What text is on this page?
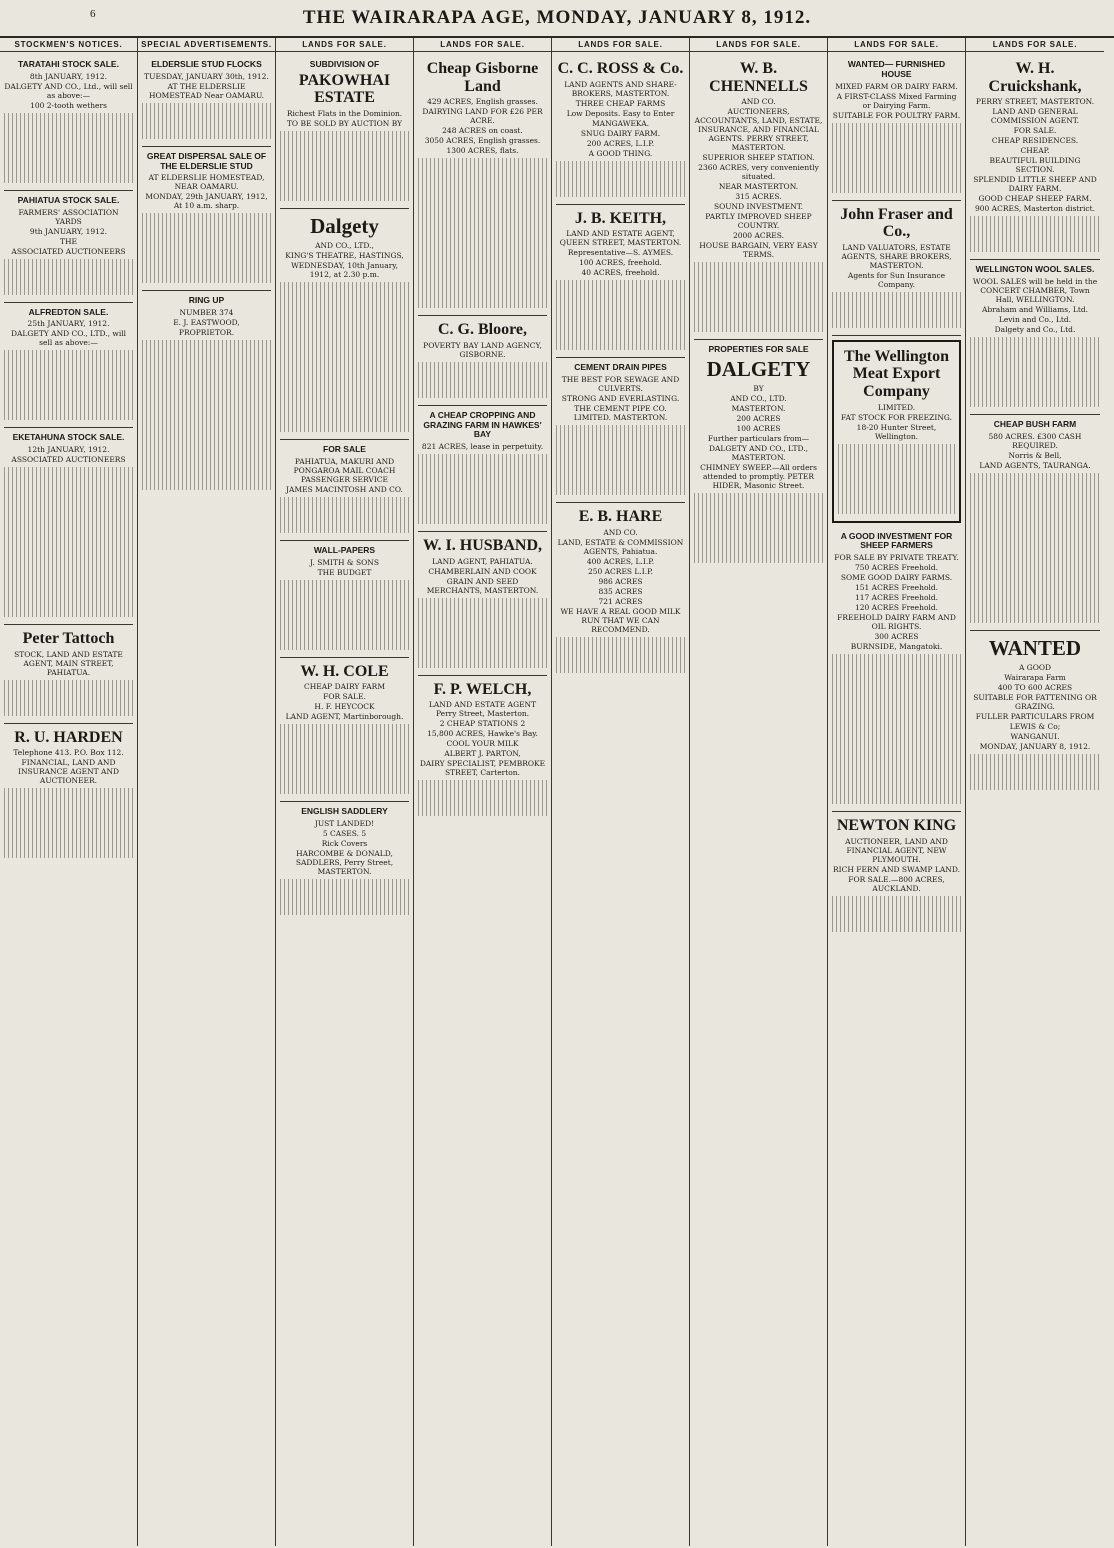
6	THE WAIRARAPA AGE, MONDAY, JANUARY 8, 1912.
STOCKMEN'S NOTICES.
TARATAHI STOCK SALE.
8th JANUARY, 1912.
DALGETY AND CO., Ltd., will sell as above:—
100 2-tooth wethers
PAHIATUA STOCK SALE.
FARMERS' ASSOCIATION YARDS
9th JANUARY, 1912.
THE
ASSOCIATED AUCTIONEERS
ALFREDTON SALE.
25th JANUARY, 1912.
DALGETY AND CO., LTD., will sell as above:—
EKETAHUNA STOCK SALE.
12th JANUARY, 1912.
ASSOCIATED AUCTIONEERS
Peter Tattoch
STOCK, LAND AND ESTATE AGENT, MAIN STREET, PAHIATUA.
R. U. HARDEN
Telephone 413. P.O. Box 112.
FINANCIAL, LAND AND INSURANCE AGENT AND AUCTIONEER.
SPECIAL ADVERTISEMENTS.
ELDERSLIE STUD FLOCKS
TUESDAY, JANUARY 30th, 1912.
AT THE ELDERSLIE HOMESTEAD Near OAMARU.
GREAT DISPERSAL SALE OF THE ELDERSLIE STUD
AT ELDERSLIE HOMESTEAD, NEAR OAMARU.
MONDAY, 29th JANUARY, 1912, At 10 a.m. sharp.
RING UP
NUMBER 374
E. J. EASTWOOD,
PROPRIETOR.
LANDS FOR SALE.
SUBDIVISION OF
PAKOWHAI ESTATE
Richest Flats in the Dominion.
TO BE SOLD BY AUCTION BY
Dalgety
AND CO., LTD.,
KING'S THEATRE, HASTINGS,
WEDNESDAY, 10th January, 1912, at 2.30 p.m.
FOR SALE
PAHIATUA, MAKURI AND PONGAROA MAIL COACH PASSENGER SERVICE
JAMES MACINTOSH AND CO.
WALL-PAPERS
J. SMITH & SONS
THE BUDGET
W. H. COLE
CHEAP DAIRY FARM
FOR SALE.
H. F. HEYCOCK
LAND AGENT, Martinborough.
ENGLISH SADDLERY
JUST LANDED!
5 CASES. 5
Rick Covers
HARCOMBE & DONALD, SADDLERS, Perry Street, MASTERTON.
LANDS FOR SALE.
Cheap Gisborne Land
429 ACRES, English grasses.
DAIRYING LAND FOR £26 PER ACRE.
248 ACRES on coast.
3050 ACRES, English grasses.
1300 ACRES, flats.
C. G. Bloore,
POVERTY BAY LAND AGENCY, GISBORNE.
A CHEAP CROPPING AND GRAZING FARM IN HAWKES' BAY
821 ACRES, lease in perpetuity.
W. I. HUSBAND,
LAND AGENT, PAHIATUA.
CHAMBERLAIN AND COOK
GRAIN AND SEED MERCHANTS, MASTERTON.
F. P. WELCH,
LAND AND ESTATE AGENT Perry Street, Masterton.
2 CHEAP STATIONS 2
15,800 ACRES, Hawke's Bay.
COOL YOUR MILK
ALBERT J. PARTON,
DAIRY SPECIALIST, PEMBROKE STREET, Carterton.
LANDS FOR SALE.
C. C. ROSS & Co.
LAND AGENTS AND SHARE-BROKERS, MASTERTON.
THREE CHEAP FARMS
Low Deposits. Easy to Enter
MANGAWEKA.
SNUG DAIRY FARM.
200 ACRES, L.I.P.
A GOOD THING.
J. B. KEITH,
LAND AND ESTATE AGENT, QUEEN STREET, MASTERTON.
Representative—S. AYMES.
100 ACRES, freehold.
40 ACRES, freehold.
CEMENT DRAIN PIPES
THE BEST FOR SEWAGE AND CULVERTS.
STRONG AND EVERLASTING.
THE CEMENT PIPE CO. LIMITED. MASTERTON.
E. B. HARE
AND CO.
LAND, ESTATE & COMMISSION AGENTS, Pahiatua.
400 ACRES, L.I.P.
250 ACRES L.I.P.
986 ACRES
835 ACRES
721 ACRES
WE HAVE A REAL GOOD MILK RUN THAT WE CAN RECOMMEND.
LANDS FOR SALE.
W. B. CHENNELLS
AND CO.
AUCTIONEERS, ACCOUNTANTS, LAND, ESTATE, INSURANCE, AND FINANCIAL AGENTS. PERRY STREET, MASTERTON.
SUPERIOR SHEEP STATION.
2360 ACRES, very conveniently situated.
NEAR MASTERTON.
315 ACRES.
SOUND INVESTMENT.
PARTLY IMPROVED SHEEP COUNTRY.
2000 ACRES.
HOUSE BARGAIN, VERY EASY TERMS.
PROPERTIES FOR SALE
DALGETY
BY
AND CO., LTD.
MASTERTON.
200 ACRES
100 ACRES
Further particulars from—
DALGETY AND CO., LTD., MASTERTON.
CHIMNEY SWEEP.—All orders attended to promptly. PETER HIDER, Masonic Street.
LANDS FOR SALE.
WANTED— FURNISHED HOUSE
MIXED FARM OR DAIRY FARM.
A FIRST-CLASS Mixed Farming or Dairying Farm.
SUITABLE FOR POULTRY FARM.
John Fraser and Co.,
LAND VALUATORS, ESTATE AGENTS, SHARE BROKERS, MASTERTON.
Agents for Sun Insurance Company.
The Wellington Meat Export Company
LIMITED.
FAT STOCK FOR FREEZING.
18-20 Hunter Street, Wellington.
A GOOD INVESTMENT FOR SHEEP FARMERS
FOR SALE BY PRIVATE TREATY.
750 ACRES Freehold.
SOME GOOD DAIRY FARMS.
151 ACRES Freehold.
117 ACRES Freehold.
120 ACRES Freehold.
FREEHOLD DAIRY FARM AND OIL RIGHTS.
300 ACRES
BURNSIDE, Mangatoki.
NEWTON KING
AUCTIONEER, LAND AND FINANCIAL AGENT, NEW PLYMOUTH.
RICH FERN AND SWAMP LAND.
FOR SALE.—800 ACRES, AUCKLAND.
LANDS FOR SALE.
W. H. Cruickshank,
PERRY STREET, MASTERTON.
LAND AND GENERAL COMMISSION AGENT.
FOR SALE.
CHEAP RESIDENCES.
CHEAP.
BEAUTIFUL BUILDING SECTION.
SPLENDID LITTLE SHEEP AND DAIRY FARM.
GOOD CHEAP SHEEP FARM.
900 ACRES, Masterton district.
WELLINGTON WOOL SALES.
WOOL SALES will be held in the CONCERT CHAMBER, Town Hall, WELLINGTON.
Abraham and Williams, Ltd.
Levin and Co., Ltd.
Dalgety and Co., Ltd.
CHEAP BUSH FARM
580 ACRES. £300 CASH REQUIRED.
Norris & Bell,
LAND AGENTS, TAURANGA.
WANTED
A GOOD
Wairarapa Farm
400 TO 600 ACRES
SUITABLE FOR FATTENING OR GRAZING.
FULLER PARTICULARS FROM
LEWIS & Co;
WANGANUI.
MONDAY, JANUARY 8, 1912.
